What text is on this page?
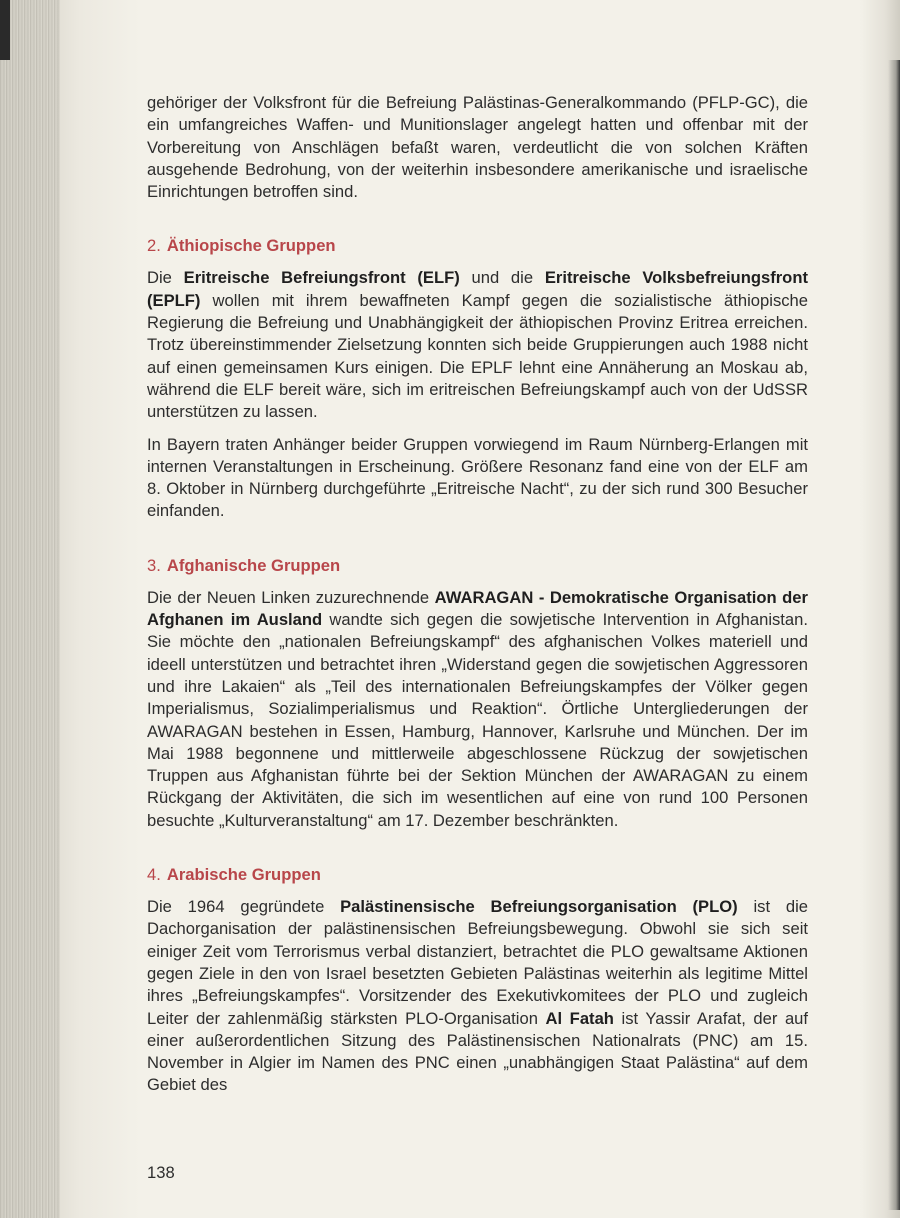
gehöriger der Volksfront für die Befreiung Palästinas-Generalkommando (PFLP-GC), die ein umfangreiches Waffen- und Munitionslager angelegt hatten und offenbar mit der Vorbereitung von Anschlägen befaßt waren, verdeutlicht die von solchen Kräften ausgehende Bedrohung, von der weiterhin insbesondere amerikanische und israelische Einrichtungen betroffen sind.

2. Äthiopische Gruppen

Die Eritreische Befreiungsfront (ELF) und die Eritreische Volksbefreiungsfront (EPLF) wollen mit ihrem bewaffneten Kampf gegen die sozialistische äthiopische Regierung die Befreiung und Unabhängigkeit der äthiopischen Provinz Eritrea erreichen. Trotz übereinstimmender Zielsetzung konnten sich beide Gruppierungen auch 1988 nicht auf einen gemeinsamen Kurs einigen. Die EPLF lehnt eine Annäherung an Moskau ab, während die ELF bereit wäre, sich im eritreischen Befreiungskampf auch von der UdSSR unterstützen zu lassen.

In Bayern traten Anhänger beider Gruppen vorwiegend im Raum Nürnberg-Erlangen mit internen Veranstaltungen in Erscheinung. Größere Resonanz fand eine von der ELF am 8. Oktober in Nürnberg durchgeführte „Eritreische Nacht“, zu der sich rund 300 Besucher einfanden.

3. Afghanische Gruppen

Die der Neuen Linken zuzurechnende AWARAGAN - Demokratische Organisation der Afghanen im Ausland wandte sich gegen die sowjetische Intervention in Afghanistan. Sie möchte den „nationalen Befreiungskampf“ des afghanischen Volkes materiell und ideell unterstützen und betrachtet ihren „Widerstand gegen die sowjetischen Aggressoren und ihre Lakaien“ als „Teil des internationalen Befreiungskampfes der Völker gegen Imperialismus, Sozialimperialismus und Reaktion“. Örtliche Untergliederungen der AWARAGAN bestehen in Essen, Hamburg, Hannover, Karlsruhe und München. Der im Mai 1988 begonnene und mittlerweile abgeschlossene Rückzug der sowjetischen Truppen aus Afghanistan führte bei der Sektion München der AWARAGAN zu einem Rückgang der Aktivitäten, die sich im wesentlichen auf eine von rund 100 Personen besuchte „Kulturveranstaltung“ am 17. Dezember beschränkten.

4. Arabische Gruppen

Die 1964 gegründete Palästinensische Befreiungsorganisation (PLO) ist die Dachorganisation der palästinensischen Befreiungsbewegung. Obwohl sie sich seit einiger Zeit vom Terrorismus verbal distanziert, betrachtet die PLO gewaltsame Aktionen gegen Ziele in den von Israel besetzten Gebieten Palästinas weiterhin als legitime Mittel ihres „Befreiungskampfes“. Vorsitzender des Exekutivkomitees der PLO und zugleich Leiter der zahlenmäßig stärksten PLO-Organisation Al Fatah ist Yassir Arafat, der auf einer außerordentlichen Sitzung des Palästinensischen Nationalrats (PNC) am 15. November in Algier im Namen des PNC einen „unabhängigen Staat Palästina“ auf dem Gebiet des

138
